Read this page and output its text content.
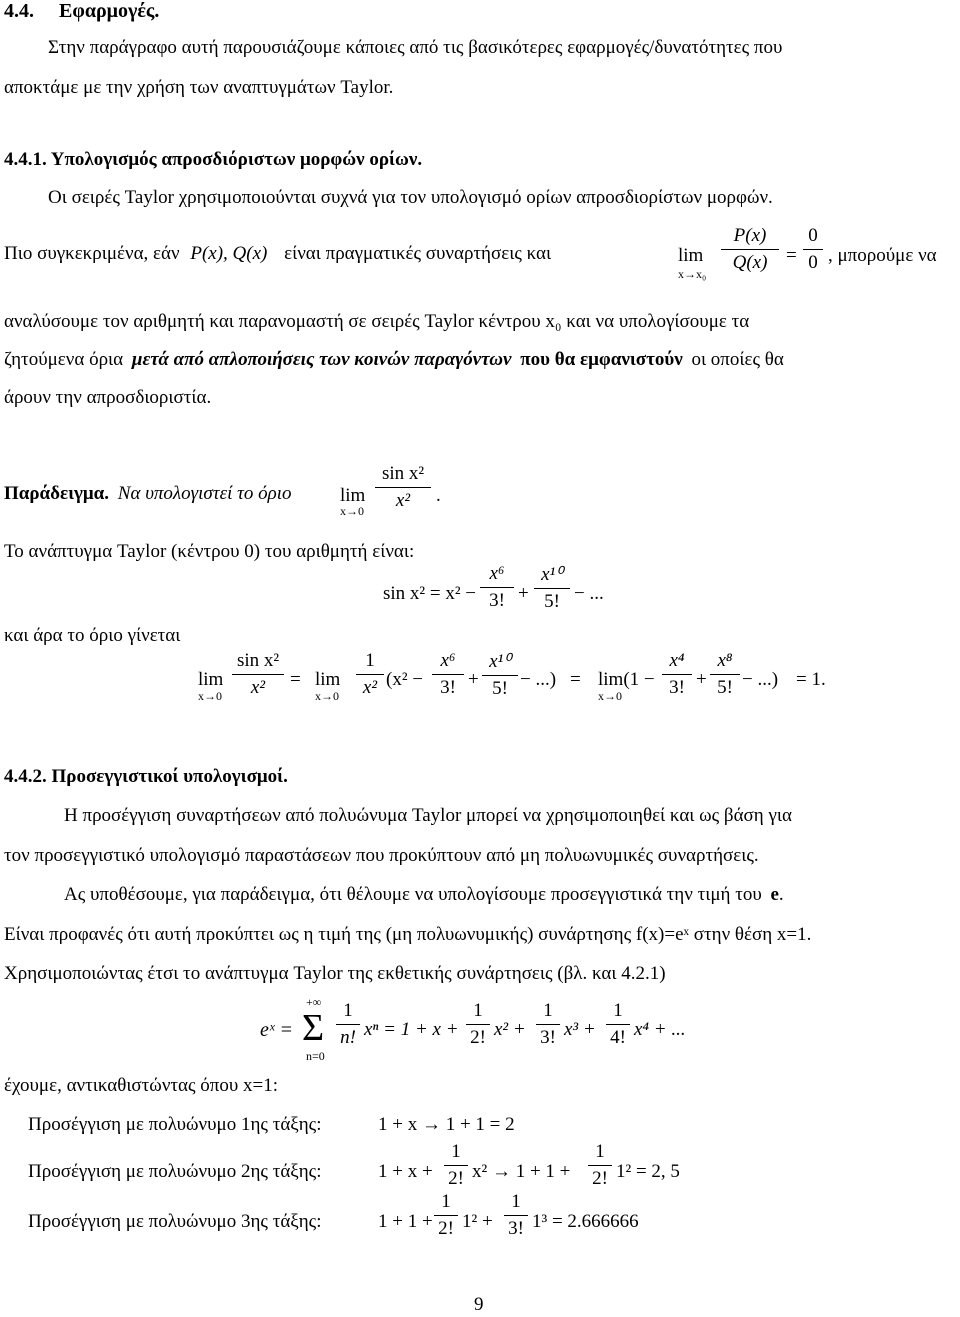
4.4. Εφαρμογές.
Στην παράγραφο αυτή παρουσιάζουμε κάποιες από τις βασικότερες εφαρμογές/δυνατότητες που
αποκτάμε με την χρήση των αναπτυγμάτων Taylor.
4.4.1. Υπολογισμός απροσδιόριστων μορφών ορίων.
Οι σειρές Taylor χρησιμοποιούνται συχνά για τον υπολογισμό ορίων απροσδιορίστων μορφών.
Πιο συγκεκριμένα, εάν P(x), Q(x) είναι πραγματικές συναρτήσεις και	lim
$x\to x_0 \frac{P(x)}{Q(x)} = \frac{0}{0}$ , μπορούμε να
αναλύσουμε τον αριθμητή και παρανομαστή σε σειρές Taylor κέντρου x₀ και να υπολογίσουμε τα
ζητούμενα όρια μετά από απλοποιήσεις των κοινών παραγόντων που θα εμφανιστούν οι οποίες θα
άρουν την απροσδιοριστία.
Παράδειγμα. Να υπολογιστεί το όριο	lim
$x\to 0 \frac{\text{sin x²}}{\text{x²}}$ .
Το ανάπτυγμα Taylor (κέντρου 0) του αριθμητή είναι:
$\sin x^2 = x^2 - \frac{\text{x⁶}}{3!} + \frac{\text{x¹⁰}}{5!}$ − ...
και άρα το όριο γίνεται
lim
$x\to 0 \frac{\text{sin x²}}{\text{x²}} = \lim$
$x\to 0 \frac{1}{\text{x²}} (x^2 - \frac{\text{x⁶}}{3!} + \frac{\text{x¹⁰}}{5!}$ − ...) = lim(1 −
$x\to 0 \frac{\text{x⁴}}{3!} + \frac{\text{x⁸}}{5!}$ − ...) = 1.
4.4.2. Προσεγγιστικοί υπολογισμοί.
Η προσέγγιση συναρτήσεων από πολυώνυμα Taylor μπορεί να χρησιμοποιηθεί και ως βάση για
τον προσεγγιστικό υπολογισμό παραστάσεων που προκύπτουν από μη πολυωνυμικές συναρτήσεις.
Ας υποθέσουμε, για παράδειγμα, ότι θέλουμε να υπολογίσουμε προσεγγιστικά την τιμή του e.
Είναι προφανές ότι αυτή προκύπτει ως η τιμή της (μη πολυωνυμικής) συνάρτησης f(x)=eˣ στην θέση x=1.
Χρησιμοποιώντας έτσι το ανάπτυγμα Taylor της εκθετικής συνάρτησεις (βλ. και 4.2.1)
eˣ =
+∞
Σ
n=0
$\frac{1}{n!}$ $x^n = 1 + x + \frac{1}{2!} x^2 + \frac{1}{3!} x^3 + \frac{1}{4!} x^4$ + ...
έχουμε, αντικαθιστώντας όπου x=1:
Προσέγγιση με πολυώνυμο 1ης τάξης:	1 + x → 1 + 1 = 2
Προσέγγιση με πολυώνυμο 2ης τάξης:	$1 + x + \frac{1}{2!} x^2 \to 1 + 1 + \frac{1}{2!} 1^2 = 2$, 5
Προσέγγιση με πολυώνυμο 3ης τάξης:	$1 + 1 + \frac{1}{2!} 1^2 + \frac{1}{3!} 1^3 = 2.666666$
9
